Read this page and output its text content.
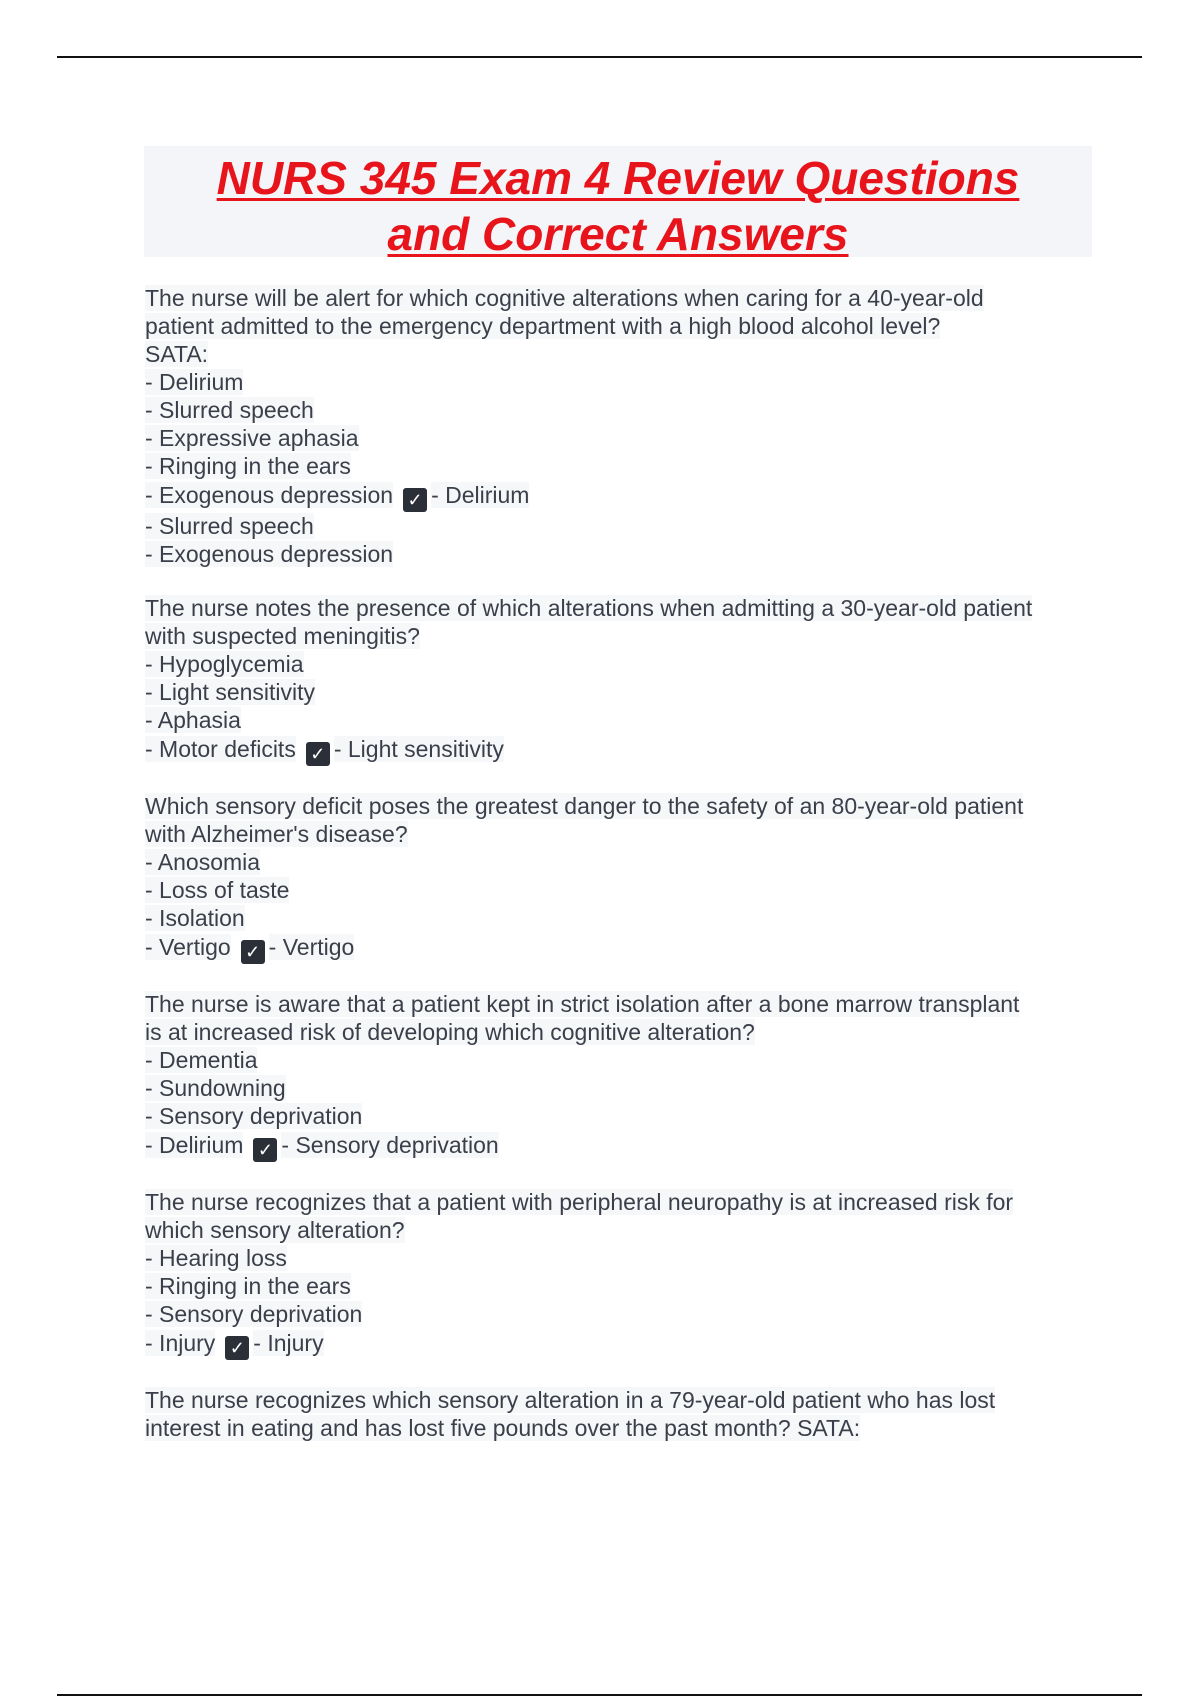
NURS 345 Exam 4 Review Questions
and Correct Answers
The nurse will be alert for which cognitive alterations when caring for a 40-year-old
patient admitted to the emergency department with a high blood alcohol level?
SATA:
- Delirium
- Slurred speech
- Expressive aphasia
- Ringing in the ears
- Exogenous depression ✓ - Delirium
- Slurred speech
- Exogenous depression
The nurse notes the presence of which alterations when admitting a 30-year-old patient
with suspected meningitis?
- Hypoglycemia
- Light sensitivity
- Aphasia
- Motor deficits ✓ - Light sensitivity
Which sensory deficit poses the greatest danger to the safety of an 80-year-old patient
with Alzheimer's disease?
- Anosomia
- Loss of taste
- Isolation
- Vertigo ✓ - Vertigo
The nurse is aware that a patient kept in strict isolation after a bone marrow transplant
is at increased risk of developing which cognitive alteration?
- Dementia
- Sundowning
- Sensory deprivation
- Delirium ✓ - Sensory deprivation
The nurse recognizes that a patient with peripheral neuropathy is at increased risk for
which sensory alteration?
- Hearing loss
- Ringing in the ears
- Sensory deprivation
- Injury ✓ - Injury
The nurse recognizes which sensory alteration in a 79-year-old patient who has lost
interest in eating and has lost five pounds over the past month? SATA:
